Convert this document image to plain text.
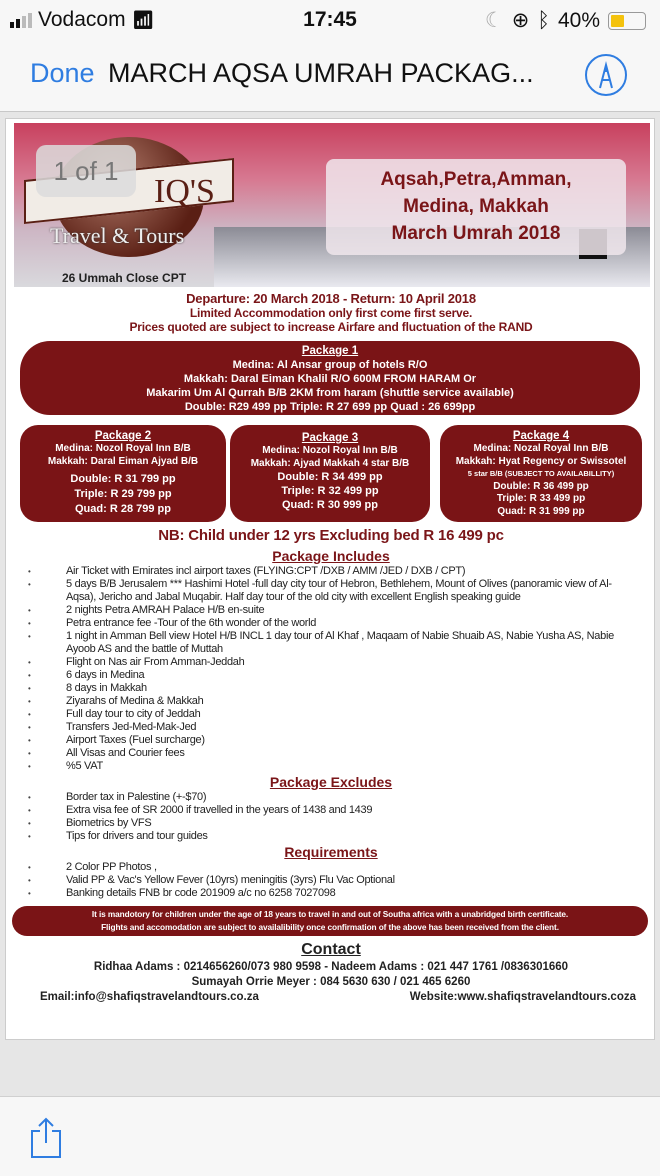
Vodacom 📶︎	17:45	☾ ⊕ ᛒ 40%
Done MARCH AQSA UMRAH PACKAG...
IQ'S
Travel & Tours
26 Ummah Close CPT
Aqsah,Petra,Amman,
Medina, Makkah
March Umrah 2018
1 of 1
Departure: 20 March 2018 - Return: 10 April 2018
Limited Accommodation only first come first serve.
Prices quoted are subject to increase Airfare and fluctuation of the RAND
Package 1
Medina: Al Ansar group of hotels R/O
Makkah: Daral Eiman Khalil R/O 600M FROM HARAM Or
Makarim Um Al Qurrah B/B 2KM from haram (shuttle service available)
Double: R29 499 pp Triple: R 27 699 pp Quad : 26 699pp
Package 2
Medina: Nozol Royal Inn B/B
Makkah: Daral Eiman Ajyad B/B
Double: R 31 799 pp
Triple: R 29 799 pp
Quad: R 28 799 pp
Package 3
Medina: Nozol Royal Inn B/B
Makkah: Ajyad Makkah 4 star B/B
Double: R 34 499 pp
Triple: R 32 499 pp
Quad: R 30 999 pp
Package 4
Medina: Nozal Royal Inn B/B
Makkah: Hyat Regency or Swissotel
5 star B/B (SUBJECT TO AVAILABILLITY)
Double: R 36 499 pp
Triple: R 33 499 pp
Quad: R 31 999 pp
NB: Child under 12 yrs Excluding bed R 16 499 pc
Package Includes
• Air Ticket with Emirates incl airport taxes (FLYING:CPT /DXB / AMM /JED / DXB / CPT)
• 5 days B/B Jerusalem *** Hashimi Hotel -full day city tour of Hebron, Bethlehem, Mount of Olives (panoramic view of Al- Aqsa), Jericho and Jabal Muqabir. Half day tour of the old city with excellent English speaking guide
• 2 nights Petra AMRAH Palace H/B en-suite
• Petra entrance fee -Tour of the 6th wonder of the world
• 1 night in Amman Bell view Hotel H/B INCL 1 day tour of Al Khaf , Maqaam of Nabie Shuaib AS, Nabie Yusha AS, Nabie Ayoob AS and the battle of Muttah
• Flight on Nas air From Amman-Jeddah
• 6 days in Medina
• 8 days in Makkah
• Ziyarahs of Medina & Makkah
• Full day tour to city of Jeddah
• Transfers Jed-Med-Mak-Jed
• Airport Taxes (Fuel surcharge)
• All Visas and Courier fees
• %5 VAT
Package Excludes
• Border tax in Palestine (+-$70)
• Extra visa fee of SR 2000 if travelled in the years of 1438 and 1439
• Biometrics by VFS
• Tips for drivers and tour guides
Requirements
• 2 Color PP Photos ,
• Valid PP & Vac's Yellow Fever (10yrs) meningitis (3yrs) Flu Vac Optional
• Banking details FNB br code 201909 a/c no 6258 7027098
It is mandotory for children under the age of 18 years to travel in and out of Southa africa with a unabridged birth certificate.
Flights and accomodation are subject to availalibility once confirmation of the above has been received from the client.
Contact
Ridhaa Adams : 0214656260/073 980 9598 - Nadeem Adams : 021 447 1761 /0836301660
Sumayah Orrie Meyer : 084 5630 630 / 021 465 6260
Email:info@shafiqstravelandtours.co.za	Website:www.shafiqstravelandtours.coza
